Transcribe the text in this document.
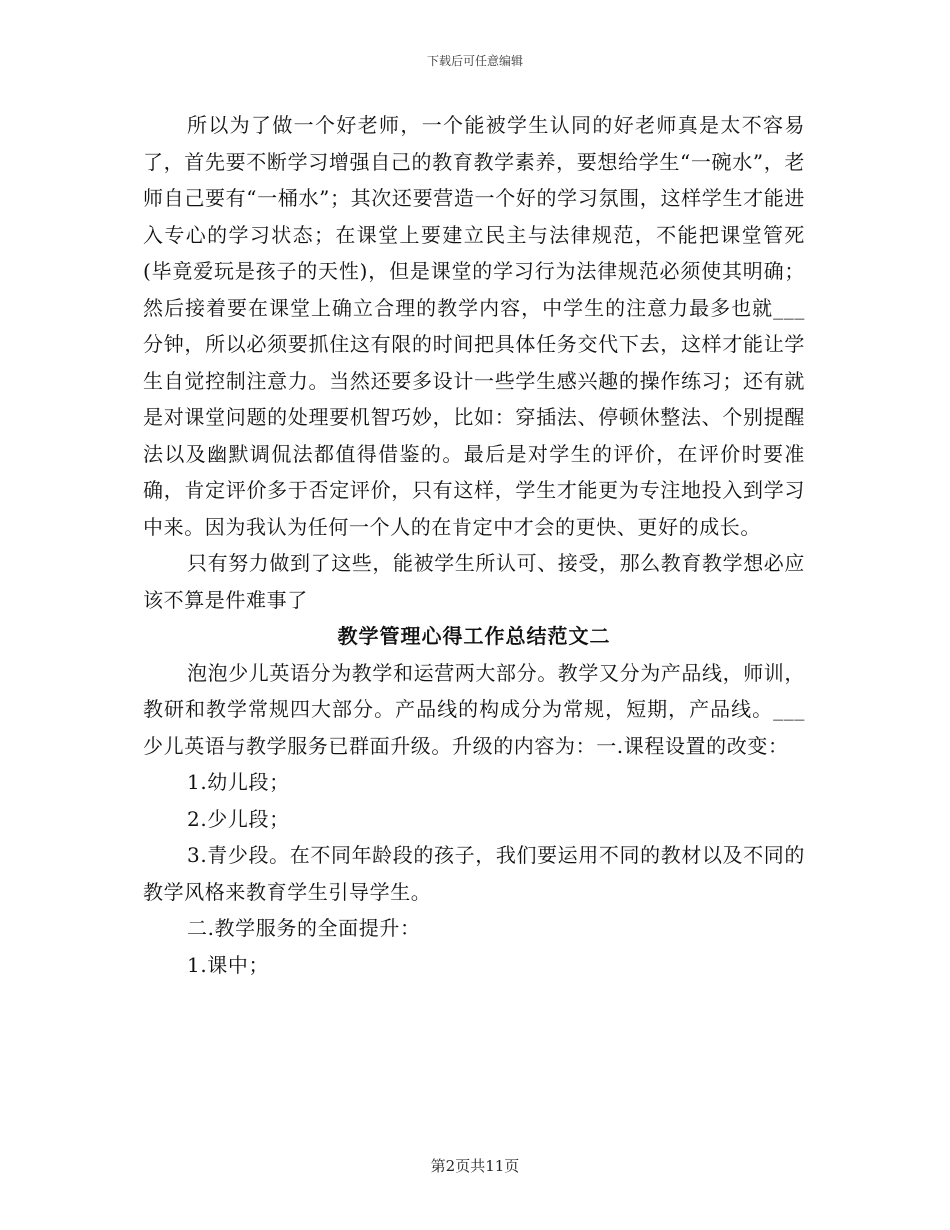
下载后可任意编辑

所以为了做一个好老师，一个能被学生认同的好老师真是太不容易了，首先要不断学习增强自己的教育教学素养，要想给学生“一碗水”，老师自己要有“一桶水”；其次还要营造一个好的学习氛围，这样学生才能进入专心的学习状态；在课堂上要建立民主与法律规范，不能把课堂管死(毕竟爱玩是孩子的天性)，但是课堂的学习行为法律规范必须使其明确；然后接着要在课堂上确立合理的教学内容，中学生的注意力最多也就___分钟，所以必须要抓住这有限的时间把具体任务交代下去，这样才能让学生自觉控制注意力。当然还要多设计一些学生感兴趣的操作练习；还有就是对课堂问题的处理要机智巧妙，比如：穿插法、停顿休整法、个别提醒法以及幽默调侃法都值得借鉴的。最后是对学生的评价，在评价时要准确，肯定评价多于否定评价，只有这样，学生才能更为专注地投入到学习中来。因为我认为任何一个人的在肯定中才会的更快、更好的成长。

只有努力做到了这些，能被学生所认可、接受，那么教育教学想必应该不算是件难事了

教学管理心得工作总结范文二

泡泡少儿英语分为教学和运营两大部分。教学又分为产品线，师训，教研和教学常规四大部分。产品线的构成分为常规，短期，产品线。___少儿英语与教学服务已群面升级。升级的内容为：一.课程设置的改变：

1.幼儿段；

2.少儿段；

3.青少段。在不同年龄段的孩子，我们要运用不同的教材以及不同的教学风格来教育学生引导学生。

二.教学服务的全面提升：

1.课中；

第2页共11页
